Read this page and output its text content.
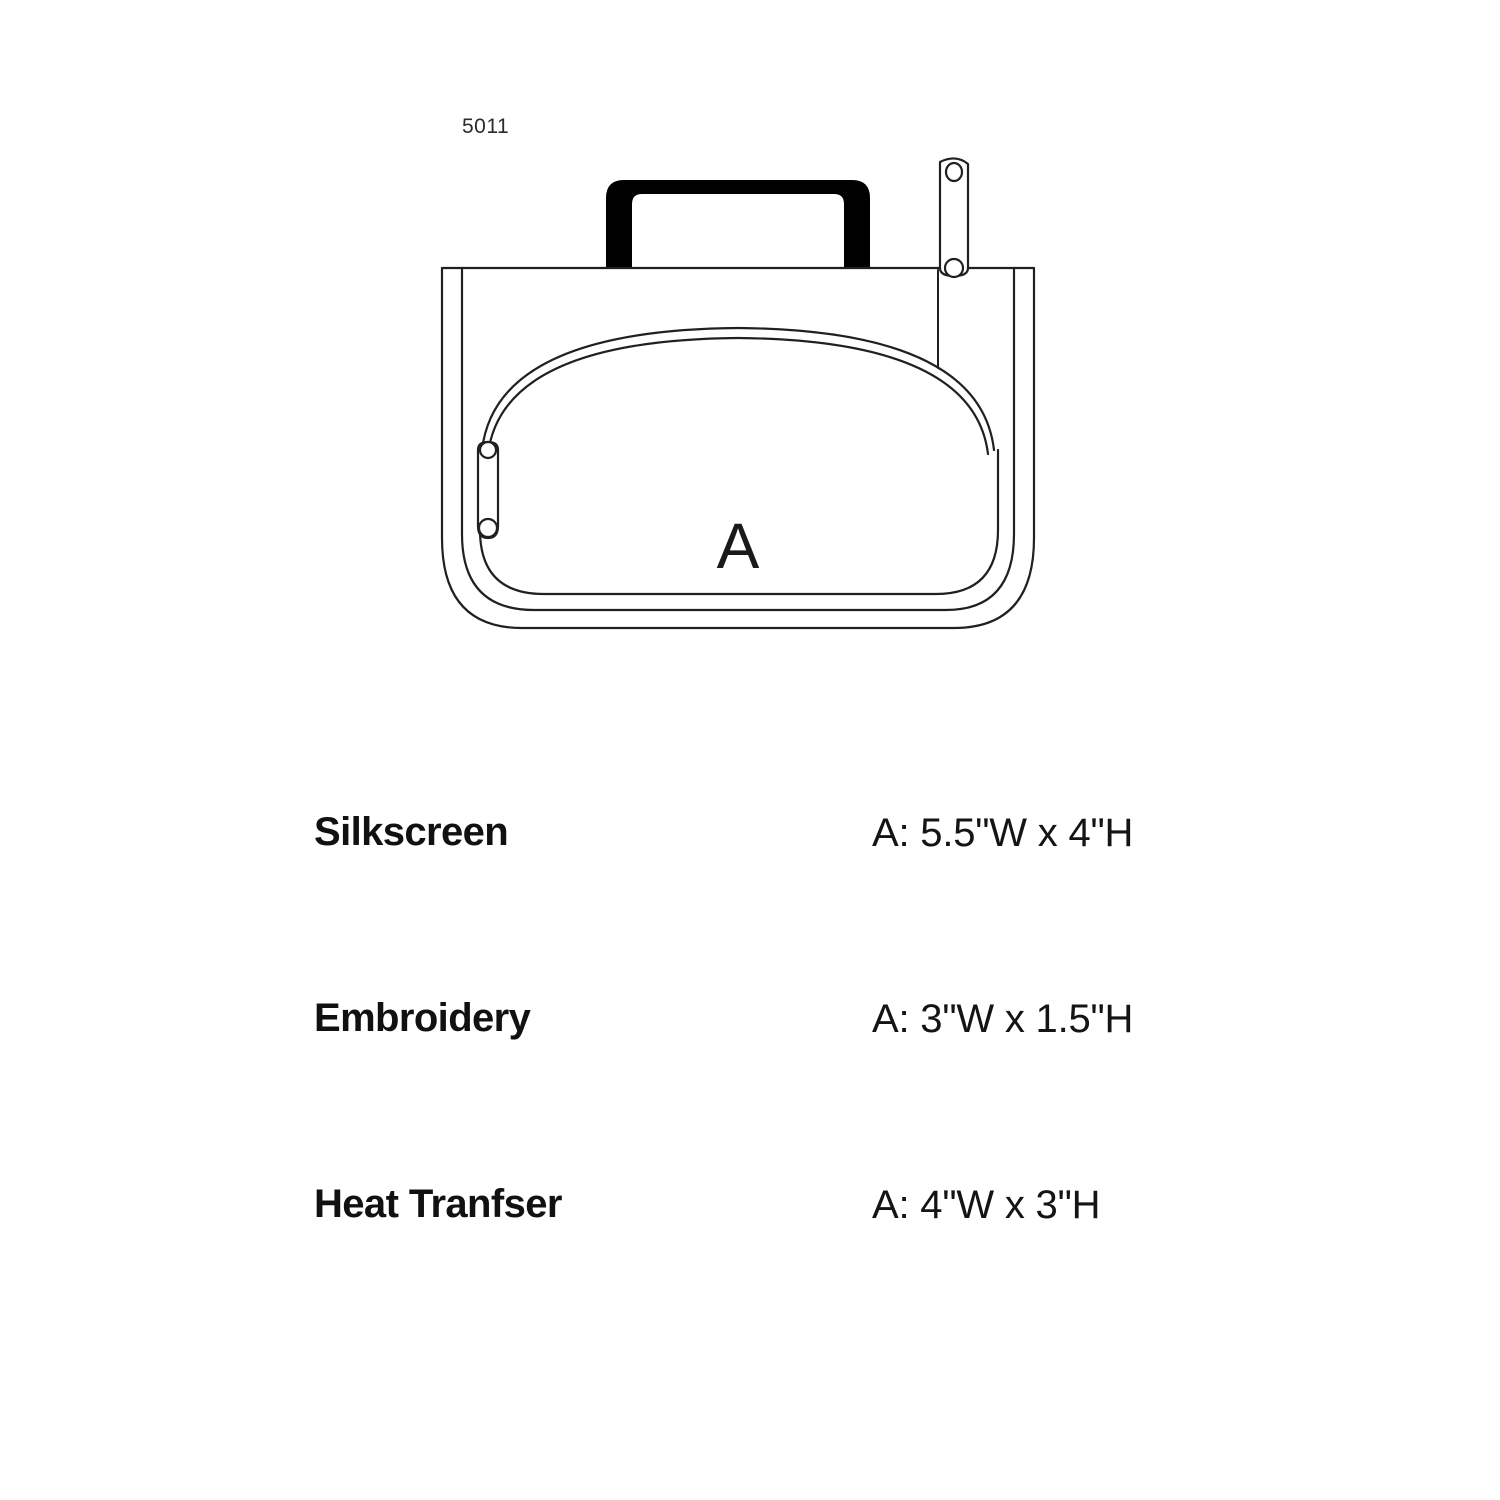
5011
A
Silkscreen	A: 5.5"W x 4"H
Embroidery	A: 3"W x 1.5"H
Heat Tranfser	A: 4"W x 3"H
